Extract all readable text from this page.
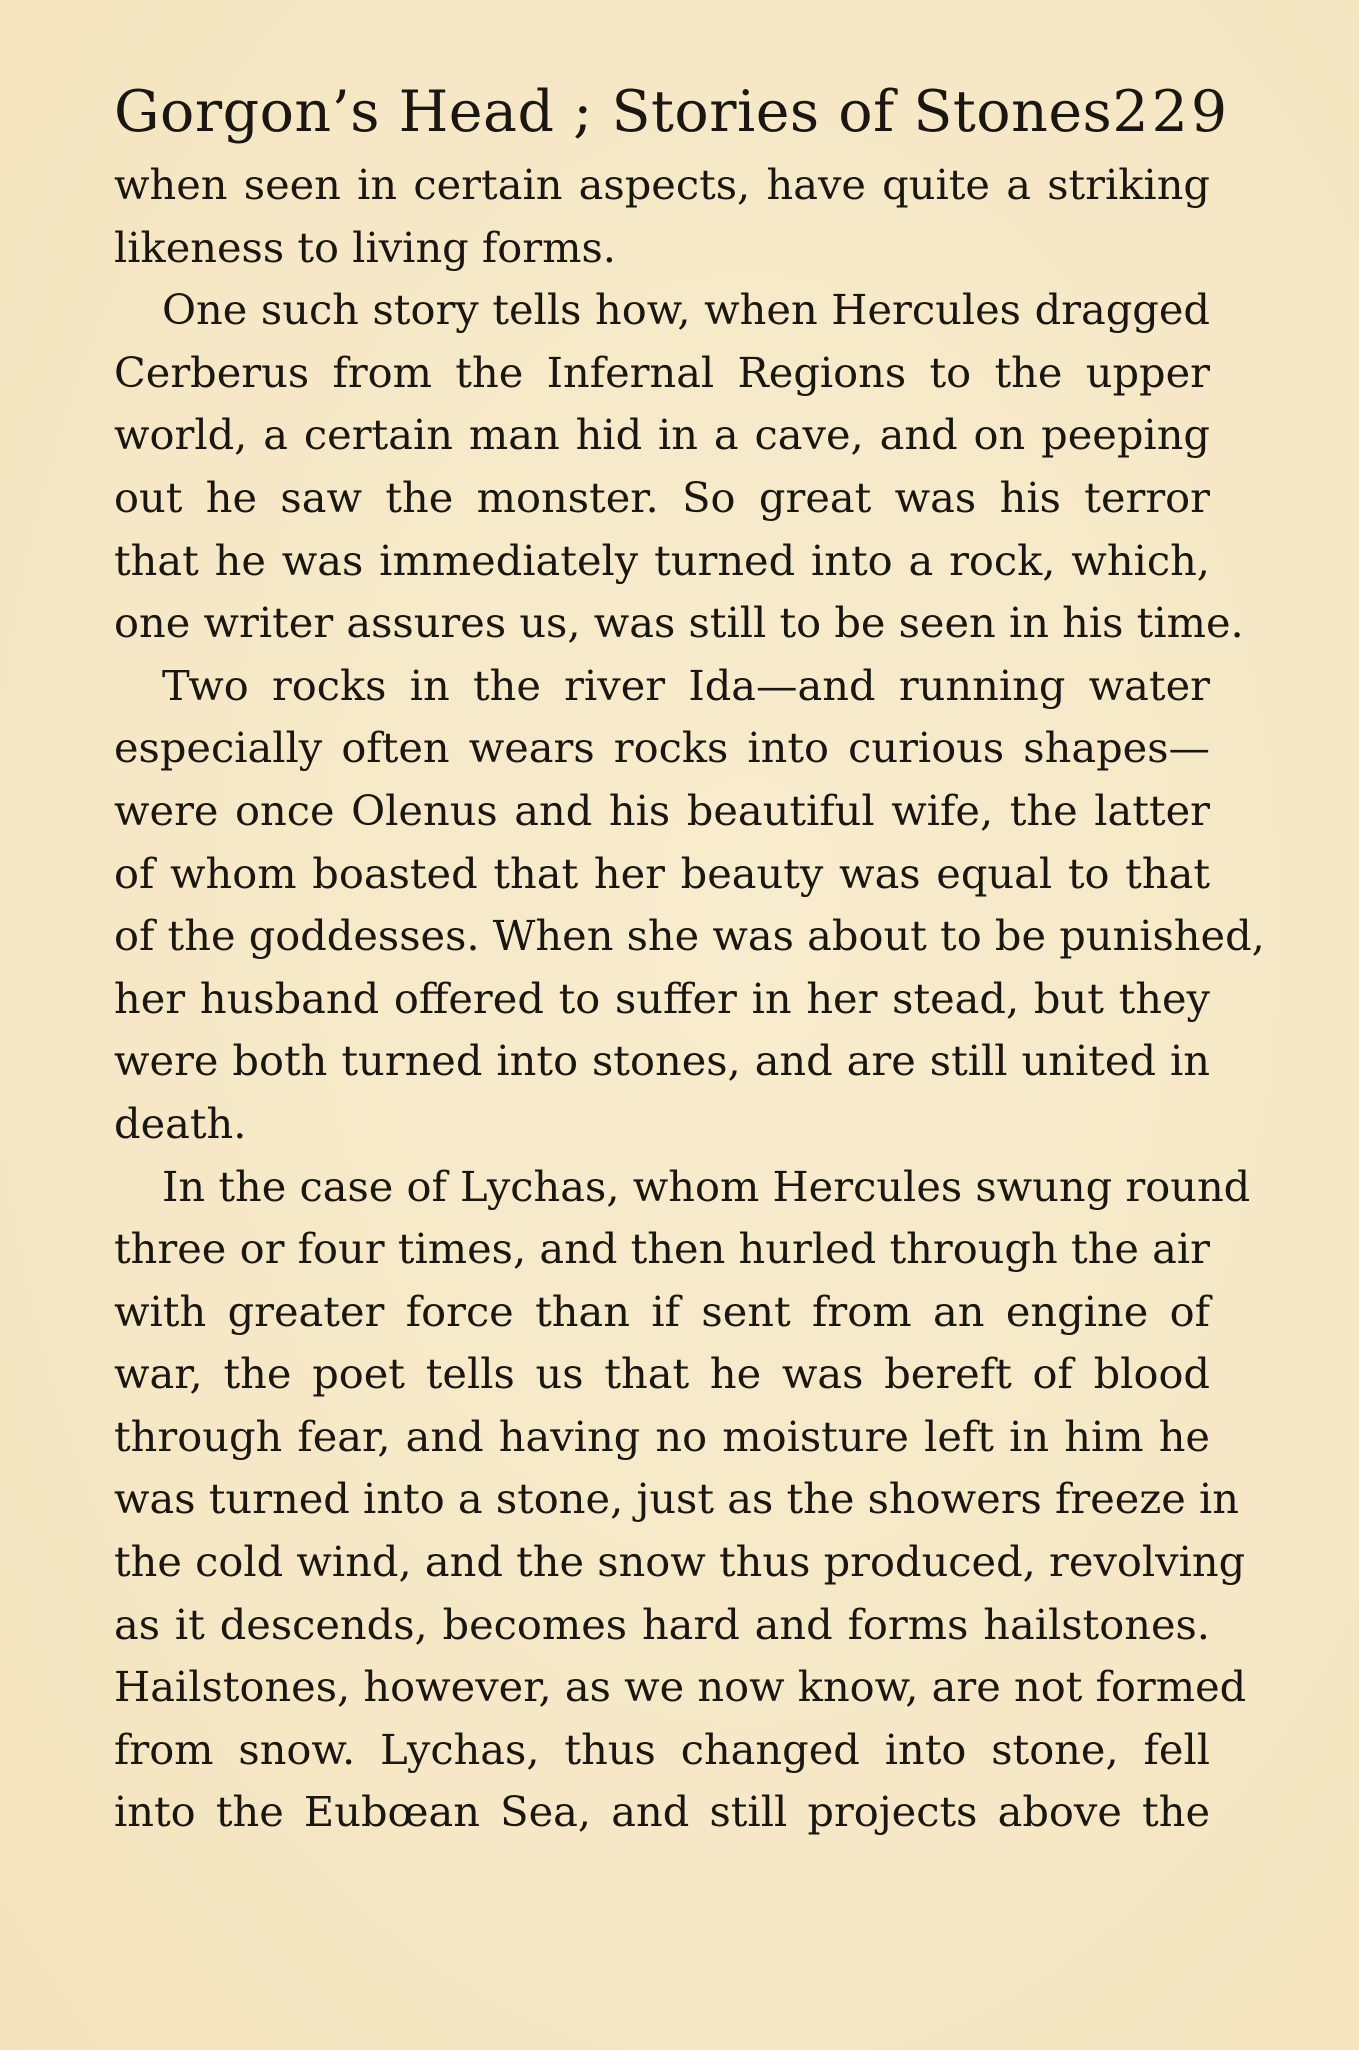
Gorgon’s Head ; Stories of Stones 229

when seen in certain aspects, have quite a striking
likeness to living forms.

One such story tells how, when Hercules dragged
Cerberus from the Infernal Regions to the upper
world, a certain man hid in a cave, and on peeping
out he saw the monster. So great was his terror
that he was immediately turned into a rock, which,
one writer assures us, was still to be seen in his time.

Two rocks in the river Ida—and running water
especially often wears rocks into curious shapes—
were once Olenus and his beautiful wife, the latter
of whom boasted that her beauty was equal to that
of the goddesses. When she was about to be punished,
her husband offered to suffer in her stead, but they
were both turned into stones, and are still united in
death.

In the case of Lychas, whom Hercules swung round
three or four times, and then hurled through the air
with greater force than if sent from an engine of
war, the poet tells us that he was bereft of blood
through fear, and having no moisture left in him he
was turned into a stone, just as the showers freeze in
the cold wind, and the snow thus produced, revolving
as it descends, becomes hard and forms hailstones.
Hailstones, however, as we now know, are not formed
from snow. Lychas, thus changed into stone, fell
into the Eubœan Sea, and still projects above the
